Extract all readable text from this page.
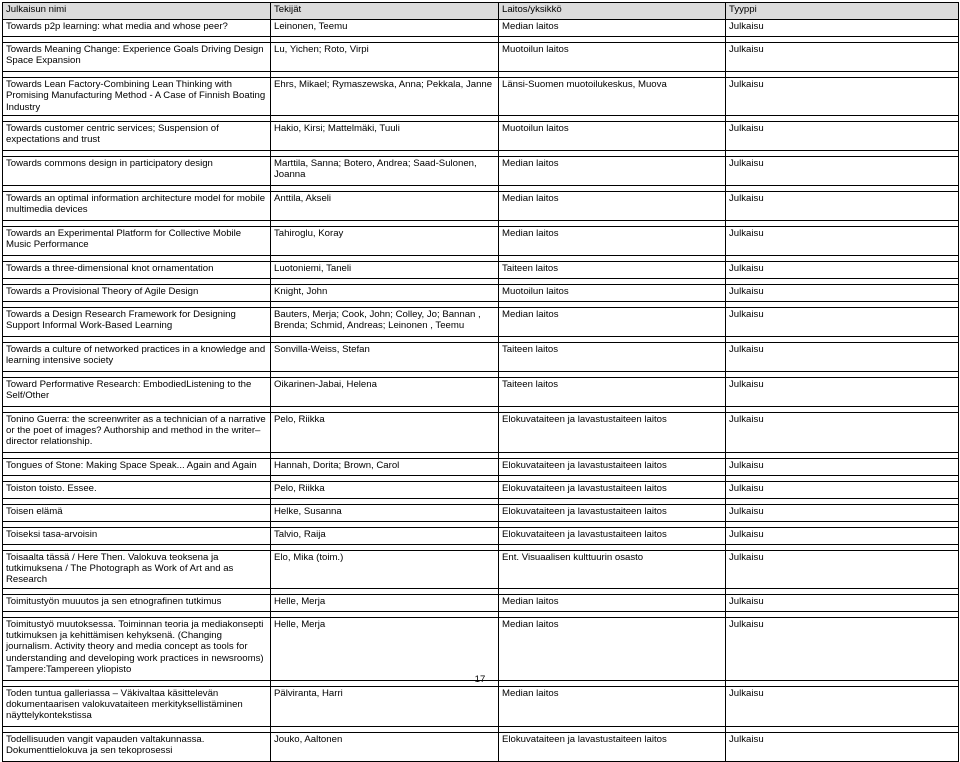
Julkaisun nimi	Tekijät	Laitos/yksikkö	Tyyppi
Towards p2p learning: what media and whose peer?	Leinonen, Teemu	Median laitos	Julkaisu

Towards Meaning Change: Experience Goals Driving Design Space Expansion	Lu, Yichen; Roto, Virpi	Muotoilun laitos	Julkaisu

Towards Lean Factory-Combining Lean Thinking with Promising Manufacturing Method - A Case of Finnish Boating Industry	Ehrs, Mikael; Rymaszewska, Anna; Pekkala, Janne	Länsi-Suomen muotoilukeskus, Muova	Julkaisu

Towards customer centric services; Suspension of expectations and trust	Hakio, Kirsi; Mattelmäki, Tuuli	Muotoilun laitos	Julkaisu

Towards commons design in participatory design	Marttila, Sanna; Botero, Andrea; Saad-Sulonen, Joanna	Median laitos	Julkaisu

Towards an optimal information architecture model for mobile multimedia devices	Anttila, Akseli	Median laitos	Julkaisu

Towards an Experimental Platform for Collective Mobile Music Performance	Tahiroglu, Koray	Median laitos	Julkaisu

Towards a three-dimensional knot ornamentation	Luotoniemi, Taneli	Taiteen laitos	Julkaisu

Towards a Provisional Theory of Agile Design	Knight, John	Muotoilun laitos	Julkaisu

Towards a Design Research Framework for Designing Support Informal Work-Based Learning	Bauters, Merja; Cook, John; Colley, Jo; Bannan , Brenda; Schmid, Andreas; Leinonen , Teemu	Median laitos	Julkaisu

Towards a culture of networked practices in a knowledge and learning intensive society	Sonvilla-Weiss, Stefan	Taiteen laitos	Julkaisu

Toward Performative Research: EmbodiedListening to the Self/Other	Oikarinen-Jabai, Helena	Taiteen laitos	Julkaisu

Tonino Guerra: the screenwriter as a technician of a narrative or the poet of images? Authorship and method in the writer–director relationship.	Pelo, Riikka	Elokuvataiteen ja lavastustaiteen laitos	Julkaisu

Tongues of Stone: Making Space Speak... Again and Again	Hannah, Dorita; Brown, Carol	Elokuvataiteen ja lavastustaiteen laitos	Julkaisu

Toiston toisto. Essee.	Pelo, Riikka	Elokuvataiteen ja lavastustaiteen laitos	Julkaisu

Toisen elämä	Helke, Susanna	Elokuvataiteen ja lavastustaiteen laitos	Julkaisu

Toiseksi tasa-arvoisin	Talvio, Raija	Elokuvataiteen ja lavastustaiteen laitos	Julkaisu

Toisaalta tässä / Here Then. Valokuva teoksena ja tutkimuksena / The Photograph as Work of Art and as Research	Elo, Mika (toim.)	Ent. Visuaalisen kulttuurin osasto	Julkaisu

Toimitustyön muuutos ja sen etnografinen tutkimus	Helle, Merja	Median laitos	Julkaisu

Toimitustyö muutoksessa. Toiminnan teoria ja mediakonsepti tutkimuksen ja kehittämisen kehyksenä. (Changing journalism. Activity theory and media concept as tools for understanding and developing work practices in newsrooms) Tampere:Tampereen yliopisto	Helle, Merja	Median laitos	Julkaisu

Toden tuntua galleriassa – Väkivaltaa käsittelevän dokumentaarisen valokuvataiteen merkityksellistäminen näyttelykontekstissa	Pälviranta, Harri	Median laitos	Julkaisu

Todellisuuden vangit vapauden valtakunnassa. Dokumenttielokuva ja sen tekoprosessi	Jouko, Aaltonen	Elokuvataiteen ja lavastustaiteen laitos	Julkaisu
17
